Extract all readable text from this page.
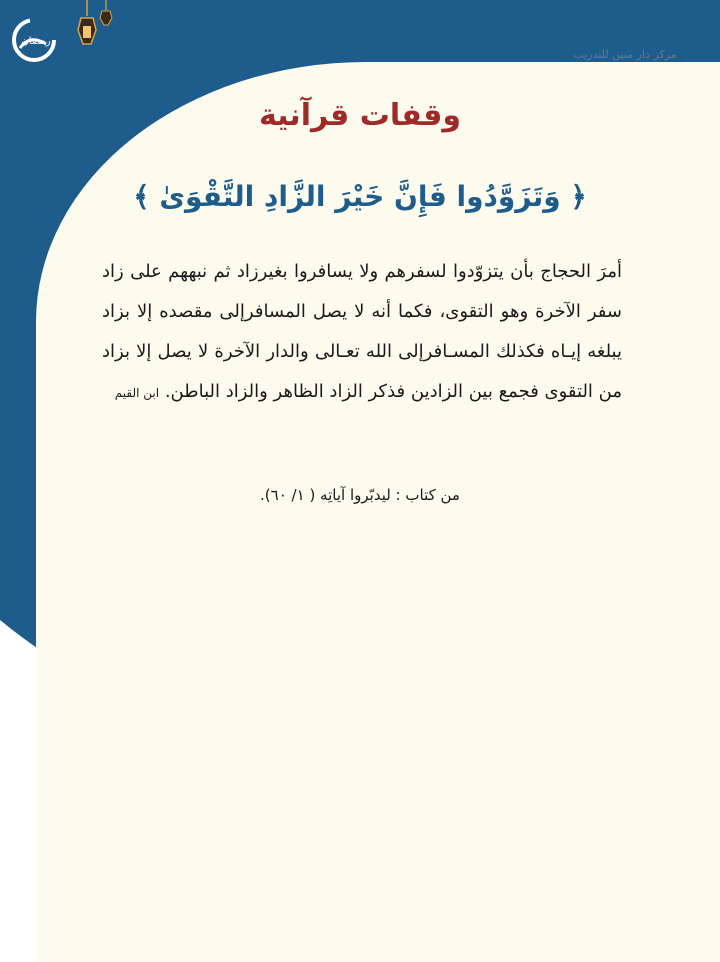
مبين
مركز دار مبين للتدريب
رمضان
وقفات قرآنية
﴿ وَتَزَوَّدُوا فَإِنَّ خَيْرَ الزَّادِ التَّقْوَىٰ ﴾
أمرَ الحجاج بأن يتزوّدوا لسفرهم ولا يسافروا بغيرزاد ثم نبههم على زاد سفر الآخرة وهو التقوى، فكما أنه لا يصل المسافرإلى مقصده إلا بزاد يبلغه إيـاه فكذلك المسـافرإلى الله تعـالى والدار الآخرة لا يصل إلا بزاد من التقوى فجمع بين الزادين فذكر الزاد الظاهر والزاد الباطن. ابن القيم
من كتاب : ليدبّروا آياتِه ( ١/ ٦٠).
